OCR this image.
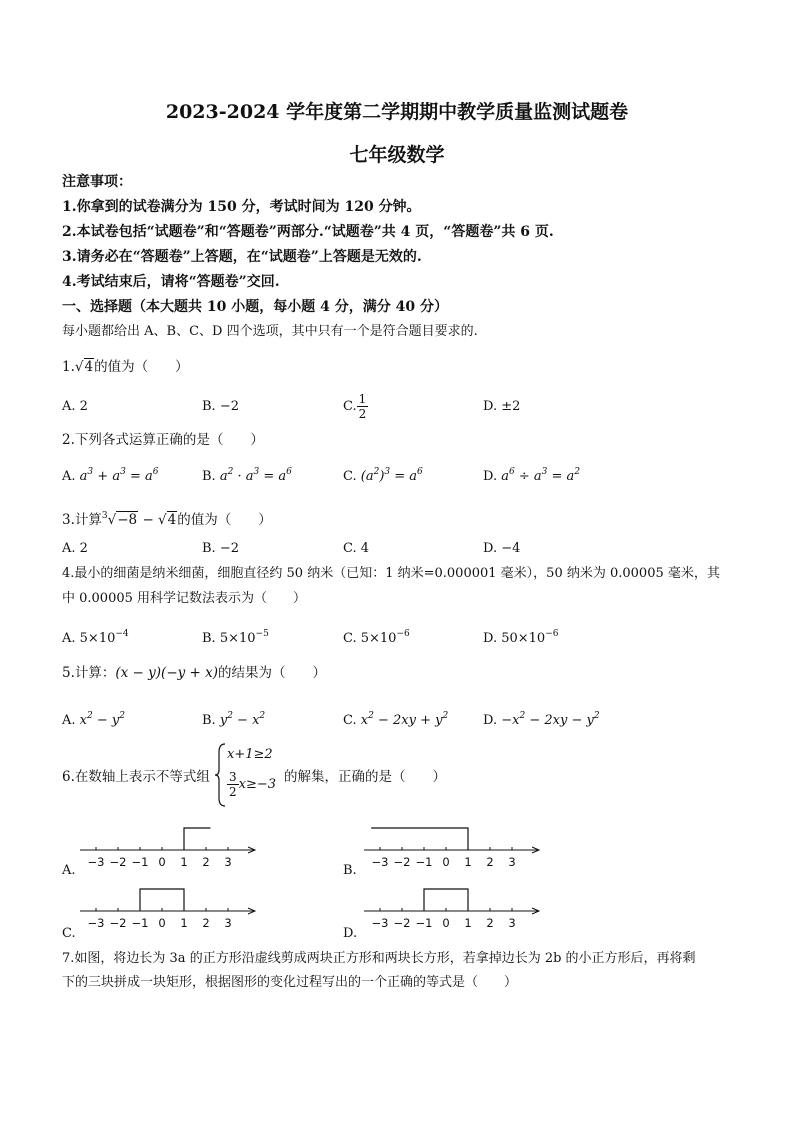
2023-2024 学年度第二学期期中教学质量监测试题卷
七年级数学
注意事项：
1.你拿到的试卷满分为 150 分，考试时间为 120 分钟。
2.本试卷包括“试题卷”和“答题卷”两部分.“试题卷”共 4 页，“答题卷”共 6 页.
3.请务必在“答题卷”上答题，在“试题卷”上答题是无效的.
4.考试结束后，请将“答题卷”交回.
一、选择题（本大题共 10 小题，每小题 4 分，满分 40 分）
每小题都给出 A、B、C、D 四个选项，其中只有一个是符合题目要求的.
1.√4的值为（　　）
A. 2	B. −2	C. $\frac{1}{2}$	D. ±2
2.下列各式运算正确的是（　　）
A. $a^3 + a^3 = a^6$	B. $a^2 \cdot a^3 = a^6$	C. $(a^2)^3 = a^6$	D. $a^6 \div a^3 = a^2$
3.计算$^3$√−8 − √4的值为（　　）
A. 2	B. −2	C. 4	D. −4
4.最小的细菌是纳米细菌，细胞直径约 50 纳米（已知：1 纳米=0.000001 毫米），50 纳米为 0.00005 毫米，其
中 0.00005 用科学记数法表示为（　　）
A. $5\times 10^{-4}$	B. $5\times 10^{-5}$	C. $5\times 10^{-6}$	D. $50\times 10^{-6}$
5.计算：(x − y)(−y + x)的结果为（　　）
A. $x^2 - y^2$	B. $y^2 - x^2$	C. $x^2 - 2xy + y^2$	D. $-x^2 - 2xy - y^2$
6.在数轴上表示不等式组
x+1≥2
$\frac{3}{2} x\ge-3$ 的解集，正确的是（　　）
A.	B.
C.	D.
−3 −2 −1 0 1 2 3	−3 −2 −1 0 1 2 3
−3 −2 −1 0 1 2 3	−3 −2 −1 0 1 2 3
7.如图，将边长为 3a 的正方形沿虚线剪成两块正方形和两块长方形，若拿掉边长为 2b 的小正方形后，再将剩
下的三块拼成一块矩形，根据图形的变化过程写出的一个正确的等式是（　　）
